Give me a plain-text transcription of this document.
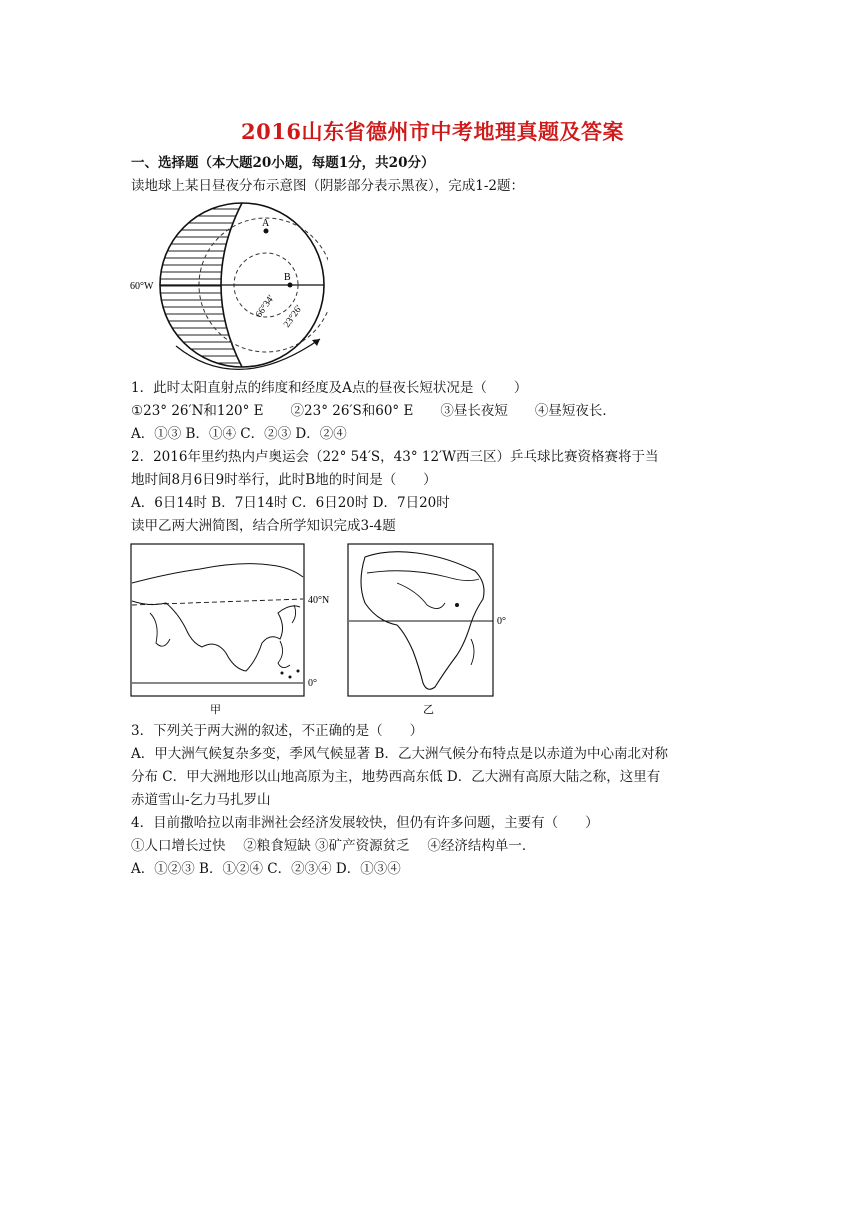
2016山东省德州市中考地理真题及答案
一、选择题（本大题20小题，每题1分，共20分）
读地球上某日昼夜分布示意图（阴影部分表示黑夜），完成1-2题：
60°W
A
B
66°34′ 23°26′
1．此时太阳直射点的纬度和经度及A点的昼夜长短状况是（　　）
①23° 26′N和120° E　　②23° 26′S和60° E　　③昼长夜短　　④昼短夜长．
A．①③ B．①④ C．②③ D．②④
2．2016年里约热内卢奥运会（22° 54′S，43° 12′W西三区）乒乓球比赛资格赛将于当
地时间8月6日9时举行，此时B地的时间是（　　）
A．6日14时 B．7日14时 C．6日20时 D．7日20时
读甲乙两大洲简图，结合所学知识完成3-4题
40°N
0°
甲
0°
乙
3．下列关于两大洲的叙述，不正确的是（　　）
A．甲大洲气候复杂多变，季风气候显著 B．乙大洲气候分布特点是以赤道为中心南北对称
分布 C．甲大洲地形以山地高原为主，地势西高东低 D．乙大洲有高原大陆之称，这里有
赤道雪山-乞力马扎罗山
4．目前撒哈拉以南非洲社会经济发展较快，但仍有许多问题，主要有（　　）
①人口增长过快　 ②粮食短缺 ③矿产资源贫乏　 ④经济结构单一．
A．①②③ B．①②④ C．②③④ D．①③④
